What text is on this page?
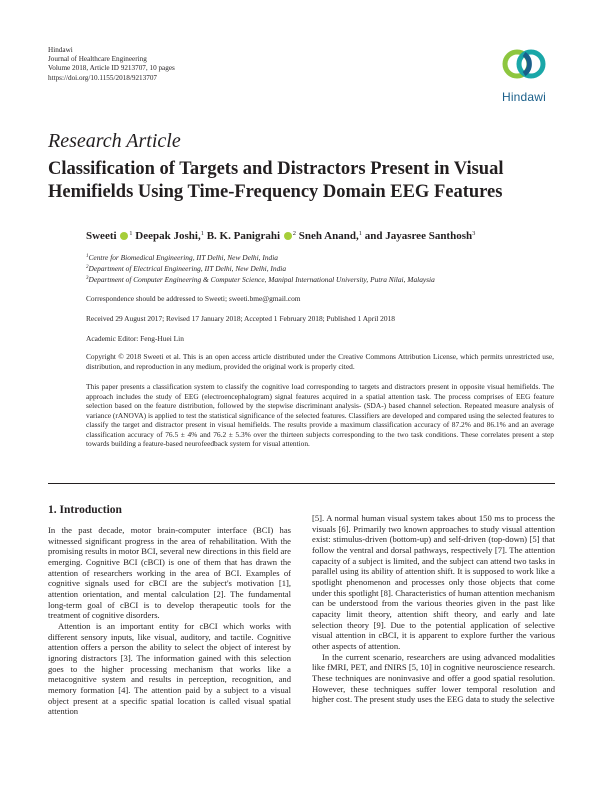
Hindawi
Journal of Healthcare Engineering
Volume 2018, Article ID 9213707, 10 pages
https://doi.org/10.1155/2018/9213707
Hindawi
Research Article
Classification of Targets and Distractors Present in Visual
Hemifields Using Time-Frequency Domain EEG Features
Sweeti $^1$ Deepak Joshi,$^1$ B. K. Panigrahi $^2$ Sneh Anand,$^1$ and Jayasree Santhosh$^3$
$^1$Centre for Biomedical Engineering, IIT Delhi, New Delhi, India
$^2$Department of Electrical Engineering, IIT Delhi, New Delhi, India
$^3$Department of Computer Engineering & Computer Science, Manipal International University, Putra Nilai, Malaysia
Correspondence should be addressed to Sweeti; sweeti.bme@gmail.com
Received 29 August 2017; Revised 17 January 2018; Accepted 1 February 2018; Published 1 April 2018
Academic Editor: Feng-Huei Lin
Copyright © 2018 Sweeti et al. This is an open access article distributed under the Creative Commons Attribution License, which permits unrestricted use, distribution, and reproduction in any medium, provided the original work is properly cited.
This paper presents a classification system to classify the cognitive load corresponding to targets and distractors present in opposite visual hemifields. The approach includes the study of EEG (electroencephalogram) signal features acquired in a spatial attention task. The process comprises of EEG feature selection based on the feature distribution, followed by the stepwise discriminant analysis- (SDA-) based channel selection. Repeated measure analysis of variance (rANOVA) is applied to test the statistical significance of the selected features. Classifiers are developed and compared using the selected features to classify the target and distractor present in visual hemifields. The results provide a maximum classification accuracy of 87.2% and 86.1% and an average classification accuracy of 76.5 ± 4% and 76.2 ± 5.3% over the thirteen subjects corresponding to the two task conditions. These correlates present a step towards building a feature-based neurofeedback system for visual attention.
1. Introduction

In the past decade, motor brain-computer interface (BCI) has witnessed significant progress in the area of rehabilitation. With the promising results in motor BCI, several new directions in this field are emerging. Cognitive BCI (cBCI) is one of them that has drawn the attention of researchers working in the area of BCI. Examples of cognitive signals used for cBCI are the subject's motivation [1], attention orientation, and mental calculation [2]. The fundamental long-term goal of cBCI is to develop therapeutic tools for the treatment of cognitive disorders.

Attention is an important entity for cBCI which works with different sensory inputs, like visual, auditory, and tactile. Cognitive attention offers a person the ability to select the object of interest by ignoring distractors [3]. The information gained with this selection goes to the higher processing mechanism that works like a metacognitive system and results in perception, recognition, and memory formation [4]. The attention paid by a subject to a visual object present at a specific spatial location is called visual spatial attention

[5]. A normal human visual system takes about 150 ms to process the visuals [6]. Primarily two known approaches to study visual attention exist: stimulus-driven (bottom-up) and self-driven (top-down) [5] that follow the ventral and dorsal pathways, respectively [7]. The attention capacity of a subject is limited, and the subject can attend two tasks in parallel using its ability of attention shift. It is supposed to work like a spotlight phenomenon and processes only those objects that come under this spotlight [8]. Characteristics of human attention mechanism can be understood from the various theories given in the past like capacity limit theory, attention shift theory, and early and late selection theory [9]. Due to the potential application of selective visual attention in cBCI, it is apparent to explore further the various other aspects of attention.

In the current scenario, researchers are using advanced modalities like fMRI, PET, and fNIRS [5, 10] in cognitive neuroscience research. These techniques are noninvasive and offer a good spatial resolution. However, these techniques suffer lower temporal resolution and higher cost. The present study uses the EEG data to study the selective
